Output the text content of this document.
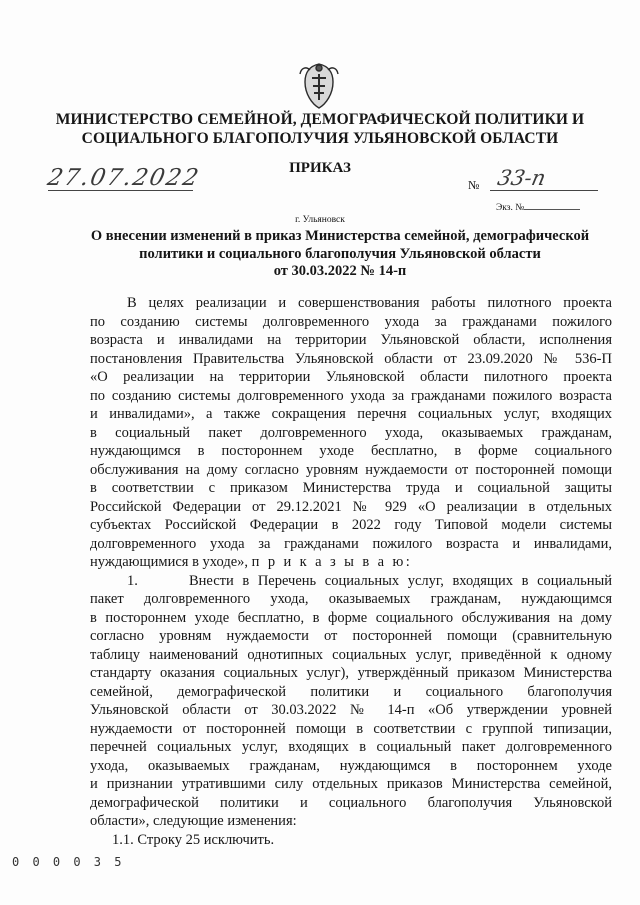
МИНИСТЕРСТВО СЕМЕЙНОЙ, ДЕМОГРАФИЧЕСКОЙ ПОЛИТИКИ И
СОЦИАЛЬНОГО БЛАГОПОЛУЧИЯ УЛЬЯНОВСКОЙ ОБЛАСТИ
ПРИКАЗ
27.07.2022	№ 33-п
Экз. №
г. Ульяновск
О внесении изменений в приказ Министерства семейной, демографической
политики и социального благополучия Ульяновской области
от 30.03.2022 № 14-п
В целях реализации и совершенствования работы пилотного проекта
по созданию системы долговременного ухода за гражданами пожилого
возраста и инвалидами на территории Ульяновской области, исполнения
постановления Правительства Ульяновской области от 23.09.2020 № 536-П
«О реализации на территории Ульяновской области пилотного проекта
по созданию системы долговременного ухода за гражданами пожилого возраста
и инвалидами», а также сокращения перечня социальных услуг, входящих
в социальный пакет долговременного ухода, оказываемых гражданам,
нуждающимся в постороннем уходе бесплатно, в форме социального
обслуживания на дому согласно уровням нуждаемости от посторонней помощи
в соответствии с приказом Министерства труда и социальной защиты
Российской Федерации от 29.12.2021 № 929 «О реализации в отдельных
субъектах Российской Федерации в 2022 году Типовой модели системы
долговременного ухода за гражданами пожилого возраста и инвалидами,
нуждающимися в уходе», п р и к а з ы в а ю:
1.	Внести в Перечень социальных услуг, входящих в социальный
пакет долговременного ухода, оказываемых гражданам, нуждающимся
в постороннем уходе бесплатно, в форме социального обслуживания на дому
согласно уровням нуждаемости от посторонней помощи (сравнительную
таблицу наименований однотипных социальных услуг, приведённой к одному
стандарту оказания социальных услуг), утверждённый приказом Министерства
семейной, демографической политики и социального благополучия
Ульяновской области от 30.03.2022 № 14-п «Об утверждении уровней
нуждаемости от посторонней помощи в соответствии с группой типизации,
перечней социальных услуг, входящих в социальный пакет долговременного
ухода, оказываемых гражданам, нуждающимся в постороннем уходе
и признании утратившими силу отдельных приказов Министерства семейной,
демографической политики и социального благополучия Ульяновской
области», следующие изменения:
1.1. Строку 25 исключить.
0 0 0 0 3 5
